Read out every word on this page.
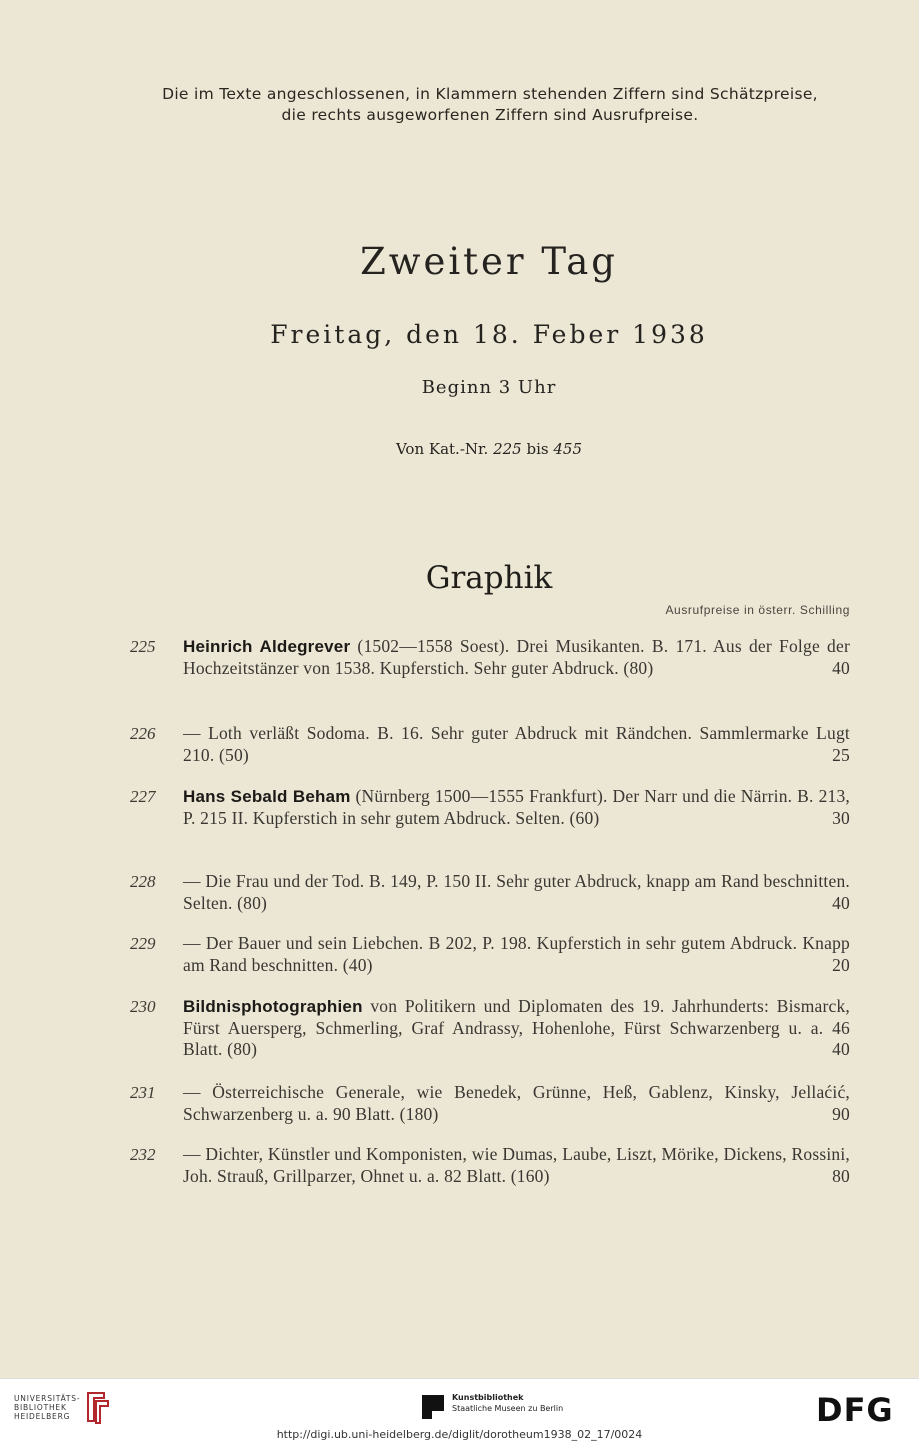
Die im Texte angeschlossenen, in Klammern stehenden Ziffern sind Schätzpreise,
die rechts ausgeworfenen Ziffern sind Ausrufpreise.
Zweiter Tag
Freitag, den 18. Feber 1938
Beginn 3 Uhr
Von Kat.-Nr. 225 bis 455
Graphik
Ausrufpreise in österr. Schilling
225 Heinrich Aldegrever (1502—1558 Soest). Drei Musikanten. B. 171. Aus der Folge der Hochzeitstänzer von 1538. Kupferstich. Sehr guter Abdruck. (80)	40
226 — Loth verläßt Sodoma. B. 16. Sehr guter Abdruck mit Rändchen. Sammlermarke Lugt 210. (50)	25
227 Hans Sebald Beham (Nürnberg 1500—1555 Frankfurt). Der Narr und die Närrin. B. 213, P. 215 II. Kupferstich in sehr gutem Abdruck. Selten. (60)	30
228 — Die Frau und der Tod. B. 149, P. 150 II. Sehr guter Abdruck, knapp am Rand beschnitten. Selten. (80)	40
229 — Der Bauer und sein Liebchen. B 202, P. 198. Kupferstich in sehr gutem Abdruck. Knapp am Rand beschnitten. (40)	20
230 Bildnisphotographien von Politikern und Diplomaten des 19. Jahrhunderts: Bismarck, Fürst Auersperg, Schmerling, Graf Andrassy, Hohenlohe, Fürst Schwarzenberg u. a. 46 Blatt. (80)	40
231 — Österreichische Generale, wie Benedek, Grünne, Heß, Gablenz, Kinsky, Jellaćić, Schwarzenberg u. a. 90 Blatt. (180)	90
232 — Dichter, Künstler und Komponisten, wie Dumas, Laube, Liszt, Mörike, Dickens, Rossini, Joh. Strauß, Grillparzer, Ohnet u. a. 82 Blatt. (160)	80
UNIVERSITÄTS-
BIBLIOTHEK
HEIDELBERG
Kunstbibliothek
Staatliche Museen zu Berlin	DFG
http://digi.ub.uni-heidelberg.de/diglit/dorotheum1938_02_17/0024
